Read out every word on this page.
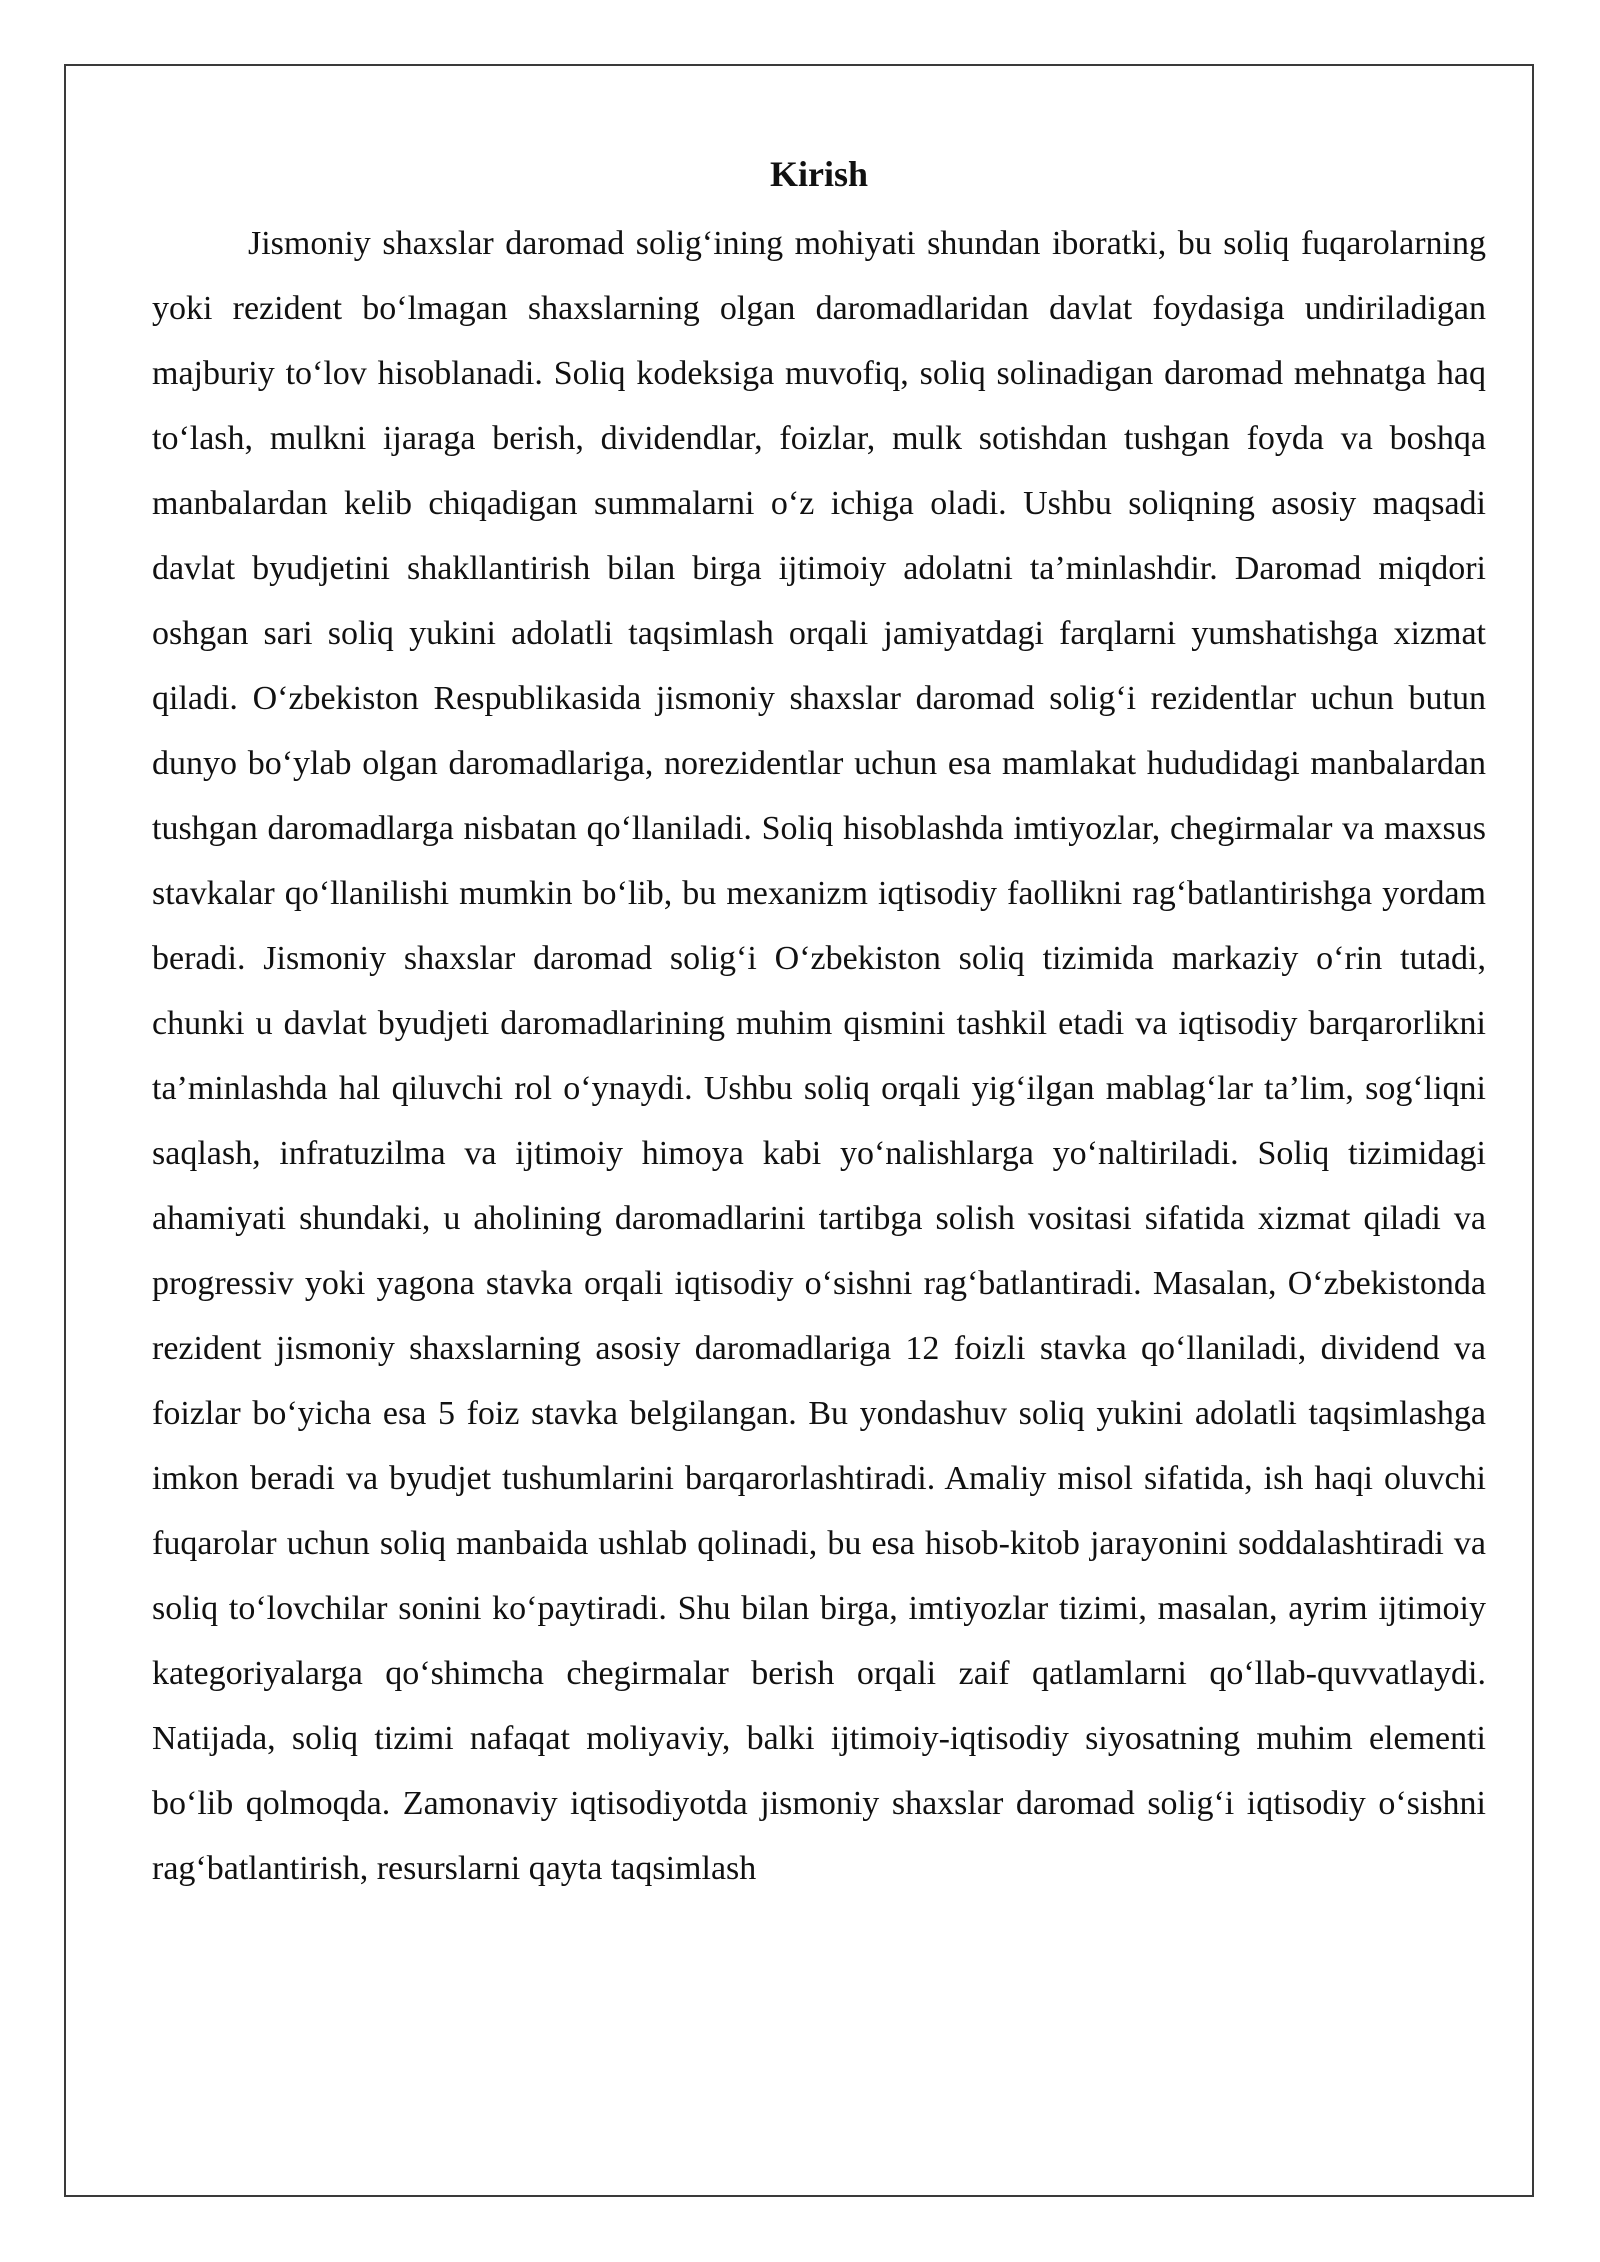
Kirish

Jismoniy shaxslar daromad solig‘ining mohiyati shundan iboratki, bu soliq fuqarolarning yoki rezident bo‘lmagan shaxslarning olgan daromadlaridan davlat foydasiga undiriladigan majburiy to‘lov hisoblanadi. Soliq kodeksiga muvofiq, soliq solinadigan daromad mehnatga haq to‘lash, mulkni ijaraga berish, dividendlar, foizlar, mulk sotishdan tushgan foyda va boshqa manbalardan kelib chiqadigan summalarni o‘z ichiga oladi. Ushbu soliqning asosiy maqsadi davlat byudjetini shakllantirish bilan birga ijtimoiy adolatni ta’minlashdir. Daromad miqdori oshgan sari soliq yukini adolatli taqsimlash orqali jamiyatdagi farqlarni yumshatishga xizmat qiladi. O‘zbekiston Respublikasida jismoniy shaxslar daromad solig‘i rezidentlar uchun butun dunyo bo‘ylab olgan daromadlariga, norezidentlar uchun esa mamlakat hududidagi manbalardan tushgan daromadlarga nisbatan qo‘llaniladi. Soliq hisoblashda imtiyozlar, chegirmalar va maxsus stavkalar qo‘llanilishi mumkin bo‘lib, bu mexanizm iqtisodiy faollikni rag‘batlantirishga yordam beradi. Jismoniy shaxslar daromad solig‘i O‘zbekiston soliq tizimida markaziy o‘rin tutadi, chunki u davlat byudjeti daromadlarining muhim qismini tashkil etadi va iqtisodiy barqarorlikni ta’minlashda hal qiluvchi rol o‘ynaydi. Ushbu soliq orqali yig‘ilgan mablag‘lar ta’lim, sog‘liqni saqlash, infratuzilma va ijtimoiy himoya kabi yo‘nalishlarga yo‘naltiriladi. Soliq tizimidagi ahamiyati shundaki, u aholining daromadlarini tartibga solish vositasi sifatida xizmat qiladi va progressiv yoki yagona stavka orqali iqtisodiy o‘sishni rag‘batlantiradi. Masalan, O‘zbekistonda rezident jismoniy shaxslarning asosiy daromadlariga 12 foizli stavka qo‘llaniladi, dividend va foizlar bo‘yicha esa 5 foiz stavka belgilangan. Bu yondashuv soliq yukini adolatli taqsimlashga imkon beradi va byudjet tushumlarini barqarorlashtiradi. Amaliy misol sifatida, ish haqi oluvchi fuqarolar uchun soliq manbaida ushlab qolinadi, bu esa hisob-kitob jarayonini soddalashtiradi va soliq to‘lovchilar sonini ko‘paytiradi. Shu bilan birga, imtiyozlar tizimi, masalan, ayrim ijtimoiy kategoriyalarga qo‘shimcha chegirmalar berish orqali zaif qatlamlarni qo‘llab-quvvatlaydi. Natijada, soliq tizimi nafaqat moliyaviy, balki ijtimoiy-iqtisodiy siyosatning muhim elementi bo‘lib qolmoqda. Zamonaviy iqtisodiyotda jismoniy shaxslar daromad solig‘i iqtisodiy o‘sishni rag‘batlantirish, resurslarni qayta taqsimlash
